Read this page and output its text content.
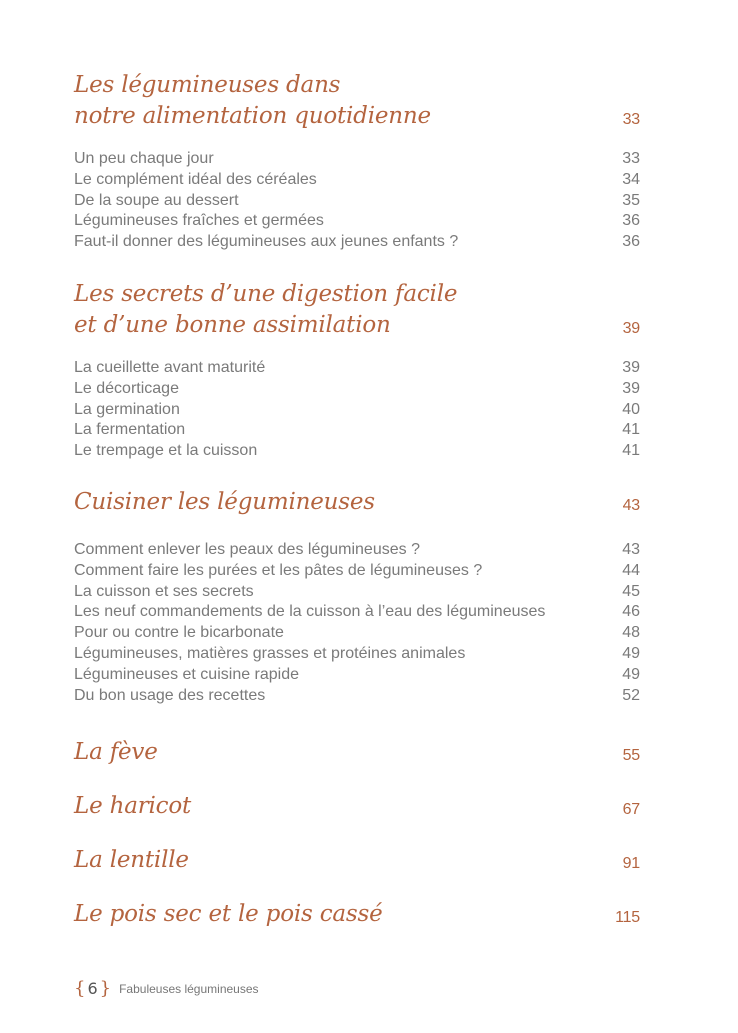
Les légumineuses dans
notre alimentation quotidienne	33
Un peu chaque jour	33
Le complément idéal des céréales	34
De la soupe au dessert	35
Légumineuses fraîches et germées	36
Faut-il donner des légumineuses aux jeunes enfants ?	36
Les secrets d’une digestion facile
et d’une bonne assimilation	39
La cueillette avant maturité	39
Le décorticage	39
La germination	40
La fermentation	41
Le trempage et la cuisson	41
Cuisiner les légumineuses	43
Comment enlever les peaux des légumineuses ?	43
Comment faire les purées et les pâtes de légumineuses ?	44
La cuisson et ses secrets	45
Les neuf commandements de la cuisson à l’eau des légumineuses	46
Pour ou contre le bicarbonate	48
Légumineuses, matières grasses et protéines animales	49
Légumineuses et cuisine rapide	49
Du bon usage des recettes	52
La fève	55
Le haricot	67
La lentille	91
Le pois sec et le pois cassé	115
{ 6 } Fabuleuses légumineuses
